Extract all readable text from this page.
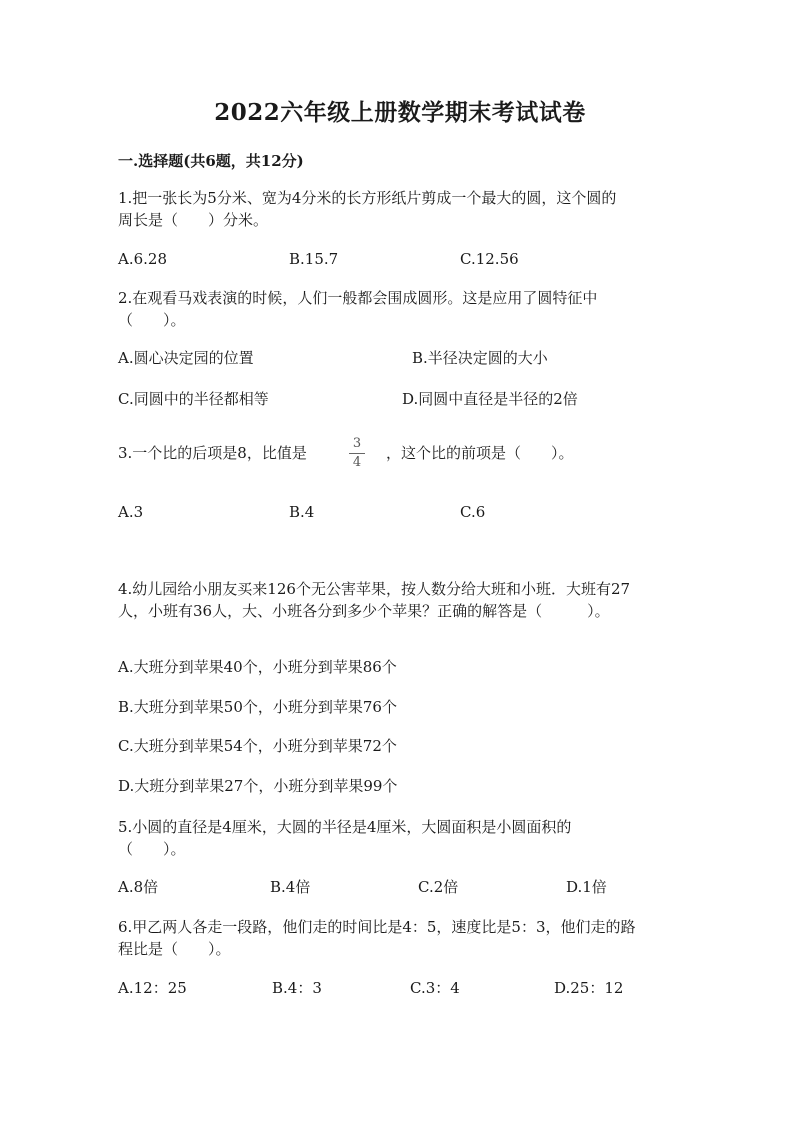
2022六年级上册数学期末考试试卷
一.选择题(共6题，共12分)
1.把一张长为5分米、宽为4分米的长方形纸片剪成一个最大的圆，这个圆的
周长是（　　）分米。
A.6.28	B.15.7	C.12.56
2.在观看马戏表演的时候，人们一般都会围成圆形。这是应用了圆特征中
（　　）。
A.圆心决定园的位置	B.半径决定圆的大小
C.同圆中的半径都相等	D.同圆中直径是半径的2倍
3.一个比的后项是8，比值是
3
4
，这个比的前项是（　　）。
A.3	B.4	C.6
4.幼儿园给小朋友买来126个无公害苹果，按人数分给大班和小班．大班有27
人，小班有36人，大、小班各分到多少个苹果？正确的解答是（　　　）。
A.大班分到苹果40个，小班分到苹果86个
B.大班分到苹果50个，小班分到苹果76个
C.大班分到苹果54个，小班分到苹果72个
D.大班分到苹果27个，小班分到苹果99个
5.小圆的直径是4厘米，大圆的半径是4厘米，大圆面积是小圆面积的
（　　）。
A.8倍	B.4倍	C.2倍	D.1倍
6.甲乙两人各走一段路，他们走的时间比是4：5，速度比是5：3，他们走的路
程比是（　　）。
A.12：25	B.4：3	C.3：4	D.25：12
